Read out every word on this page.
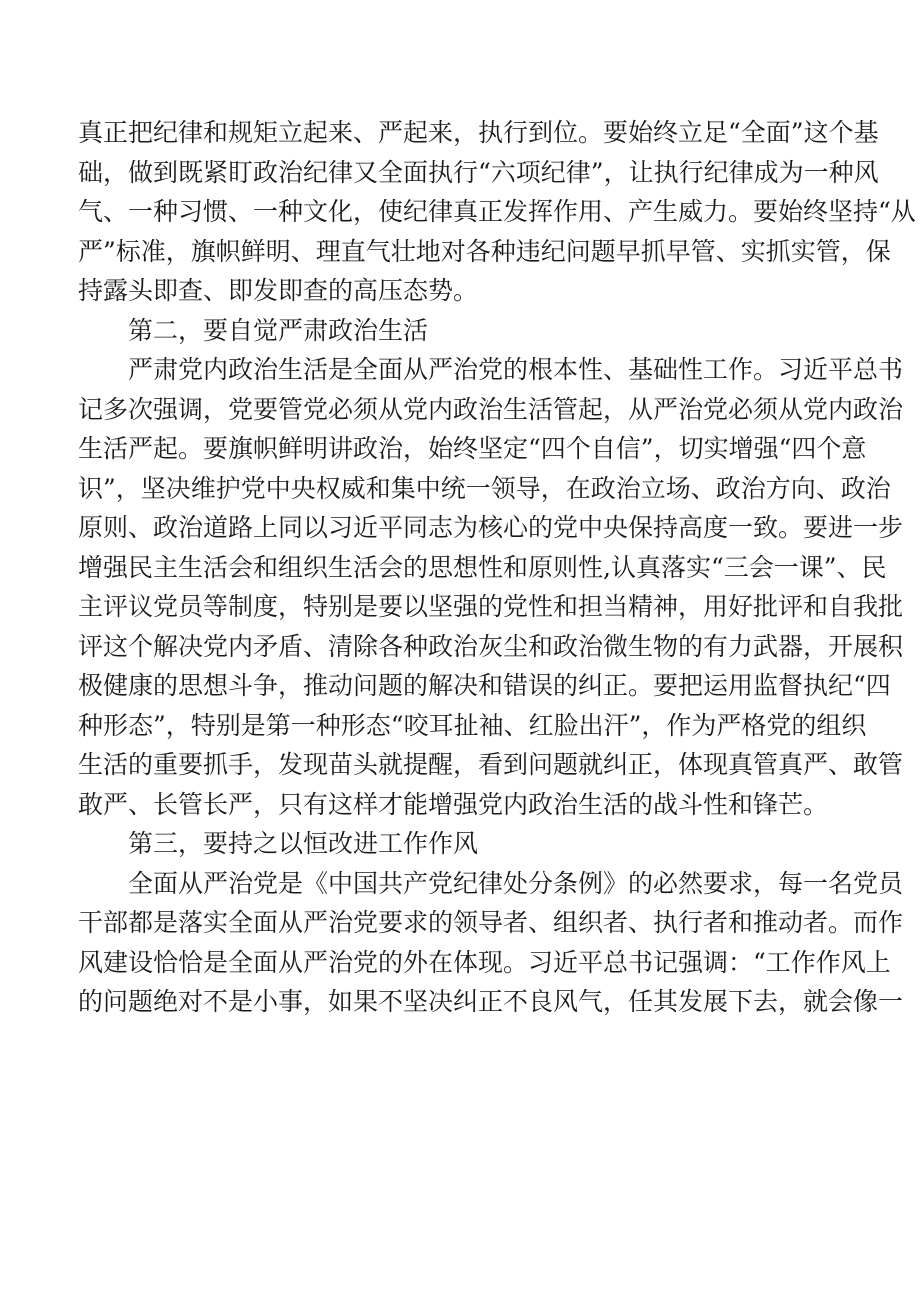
真正把纪律和规矩立起来、严起来，执行到位。要始终立足“全面”这个基
础，做到既紧盯政治纪律又全面执行“六项纪律”，让执行纪律成为一种风
气、一种习惯、一种文化，使纪律真正发挥作用、产生威力。要始终坚持“从
严”标准，旗帜鲜明、理直气壮地对各种违纪问题早抓早管、实抓实管，保
持露头即查、即发即查的高压态势。
第二，要自觉严肃政治生活
严肃党内政治生活是全面从严治党的根本性、基础性工作。习近平总书
记多次强调，党要管党必须从党内政治生活管起，从严治党必须从党内政治
生活严起。要旗帜鲜明讲政治，始终坚定“四个自信”，切实增强“四个意
识”，坚决维护党中央权威和集中统一领导，在政治立场、政治方向、政治
原则、政治道路上同以习近平同志为核心的党中央保持高度一致。要进一步
增强民主生活会和组织生活会的思想性和原则性,认真落实“三会一课”、民
主评议党员等制度，特别是要以坚强的党性和担当精神，用好批评和自我批
评这个解决党内矛盾、清除各种政治灰尘和政治微生物的有力武器，开展积
极健康的思想斗争，推动问题的解决和错误的纠正。要把运用监督执纪“四
种形态”，特别是第一种形态“咬耳扯袖、红脸出汗”，作为严格党的组织
生活的重要抓手，发现苗头就提醒，看到问题就纠正，体现真管真严、敢管
敢严、长管长严，只有这样才能增强党内政治生活的战斗性和锋芒。
第三，要持之以恒改进工作作风
全面从严治党是《中国共产党纪律处分条例》的必然要求，每一名党员
干部都是落实全面从严治党要求的领导者、组织者、执行者和推动者。而作
风建设恰恰是全面从严治党的外在体现。习近平总书记强调：“工作作风上
的问题绝对不是小事，如果不坚决纠正不良风气，任其发展下去，就会像一
